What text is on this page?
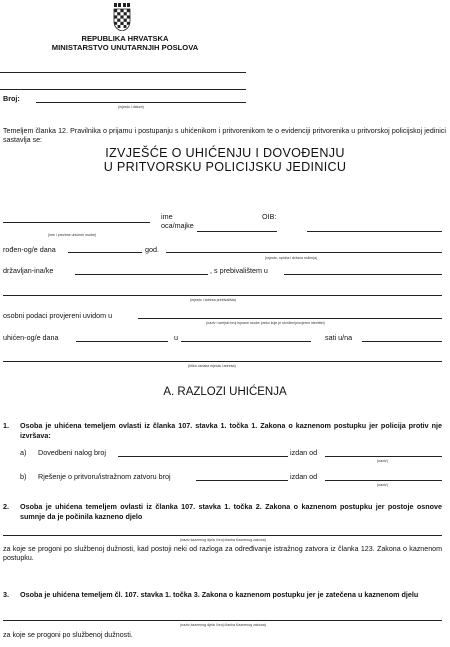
REPUBLIKA HRVATSKA
MINISTARSTVO UNUTARNJIH POSLOVA
Broj:
(mjesto i datum)
Temeljem članka 12. Pravilnika o prijamu i postupanju s uhićenikom i pritvorenikom te o evidenciji pritvorenika u pritvorskoj policijskoj jedinici sastavlja se:
IZVJEŠĆE O UHIĆENJU I DOVOĐENJU
U PRITVORSKU POLICIJSKU JEDINICU
ime
oca/majke
OIB:
(ime i prezime uhićene osobe)
rođen-og/e dana	god.
(mjesto, općina i država rođenja)
državljan-ina/ke	, s prebivalištem u
(mjesto i adresa prebivališta)
osobni podaci provjereni uvidom u
(naziv i serijski broj isprave osobe preko koje je utvrđen/provjeren identitet)
uhićen-og/e dana	u	sati u/na
(bliža oznaka mjesta i adresa)
A. RAZLOZI UHIĆENJA
1. Osoba je uhićena temeljem ovlasti iz članka 107. stavka 1. točka 1. Zakona o kaznenom postupku jer policija protiv nje izvršava:
a) Dovedbeni nalog broj	izdan od
(naziv)
b) Rješenje o pritvoru/istražnom zatvoru broj	izdan od
(naziv)
2. Osoba je uhićena temeljem ovlasti iz članka 107. stavka 1. točka 2. Zakona o kaznenom postupku jer postoje osnove sumnje da je počinila kazneno djelo
(naziv kaznenog djela i broj članka Kaznenog zakona)
za koje se progoni po službenoj dužnosti, kad postoji neki od razloga za određivanje istražnog zatvora iz članka 123. Zakona o kaznenom postupku.
3. Osoba je uhićena temeljem čl. 107. stavka 1. točka 3. Zakona o kaznenom postupku jer je zatečena u kaznenom djelu
(naziv kaznenog djela i broj članka Kaznenog zakona)
za koje se progoni po službenoj dužnosti.
